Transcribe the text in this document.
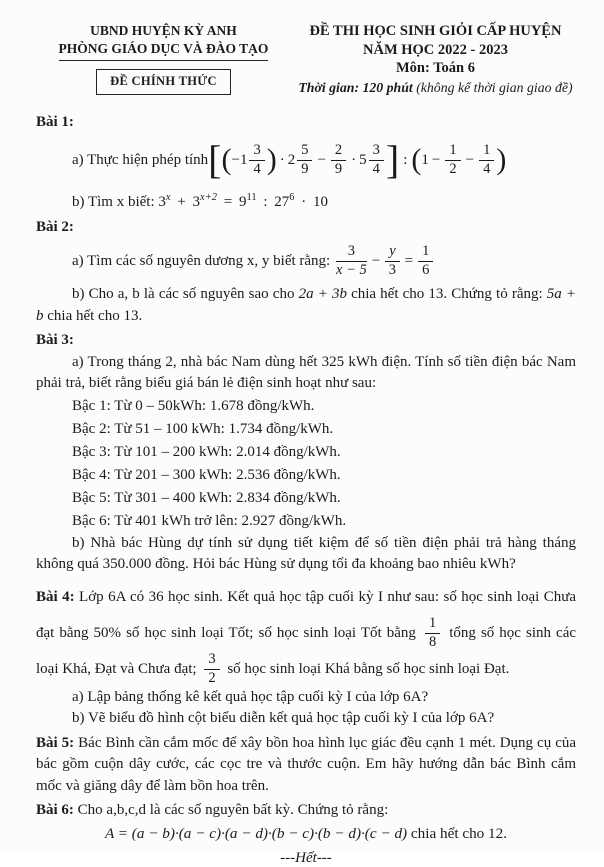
UBND HUYỆN KỲ ANH
PHÒNG GIÁO DỤC VÀ ĐÀO TẠO
ĐỀ CHÍNH THỨC
ĐỀ THI HỌC SINH GIỎI CẤP HUYỆN
NĂM HỌC 2022 - 2023
Môn: Toán 6
Thời gian: 120 phút (không kể thời gian giao đề)

Bài 1:

a) Thực hiện phép tính [ ( $-1 \frac{3}{4}$ ) · $2 \frac{5}{9} - \frac{2}{9} \cdot 5 \frac{3}{4}$ ] : ( $1 - \frac{1}{2} - \frac{1}{4}$ )

b) Tìm x biết: $3^x + 3^{x+2} = 9^{11}$ : $27^6 \cdot 10$

Bài 2:

a) Tìm các số nguyên dương x, y biết rằng:
$\frac{3}{x - 5} - \frac{y}{3} = \frac{1}{6}$

b) Cho a, b là các số nguyên sao cho 2a + 3b chia hết cho 13. Chứng tỏ rằng: 5a + b chia hết cho 13.

Bài 3:

a) Trong tháng 2, nhà bác Nam dùng hết 325 kWh điện. Tính số tiền điện bác Nam phải trả, biết rằng biểu giá bán lẻ điện sinh hoạt như sau:

Bậc 1: Từ 0 – 50kWh: 1.678 đồng/kWh.

Bậc 2: Từ 51 – 100 kWh: 1.734 đồng/kWh.

Bậc 3: Từ 101 – 200 kWh: 2.014 đồng/kWh.

Bậc 4: Từ 201 – 300 kWh: 2.536 đồng/kWh.

Bậc 5: Từ 301 – 400 kWh: 2.834 đồng/kWh.

Bậc 6: Từ 401 kWh trở lên: 2.927 đồng/kWh.

b) Nhà bác Hùng dự tính sử dụng tiết kiệm để số tiền điện phải trả hàng tháng không quá 350.000 đồng. Hỏi bác Hùng sử dụng tối đa khoảng bao nhiêu kWh?

Bài 4: Lớp 6A có 36 học sinh. Kết quả học tập cuối kỳ I như sau: số học sinh loại Chưa đạt bằng 50% số học sinh loại Tốt; số học sinh loại Tốt bằng $\frac{1}{8}$ tổng số học sinh các loại Khá, Đạt và Chưa đạt; $\frac{3}{2}$ số học sinh loại Khá bằng số học sinh loại Đạt.

a) Lập bảng thống kê kết quả học tập cuối kỳ I của lớp 6A?

b) Vẽ biểu đồ hình cột biểu diễn kết quả học tập cuối kỳ I của lớp 6A?

Bài 5: Bác Bình cần cắm mốc để xây bồn hoa hình lục giác đều cạnh 1 mét. Dụng cụ của bác gồm cuộn dây cước, các cọc tre và thước cuộn. Em hãy hướng dẫn bác Bình cắm mốc và giăng dây để làm bồn hoa trên.

Bài 6: Cho a,b,c,d là các số nguyên bất kỳ. Chứng tỏ rằng:

A = (a − b)·(a − c)·(a − d)·(b − c)·(b − d)·(c − d) chia hết cho 12.

---Hết---
